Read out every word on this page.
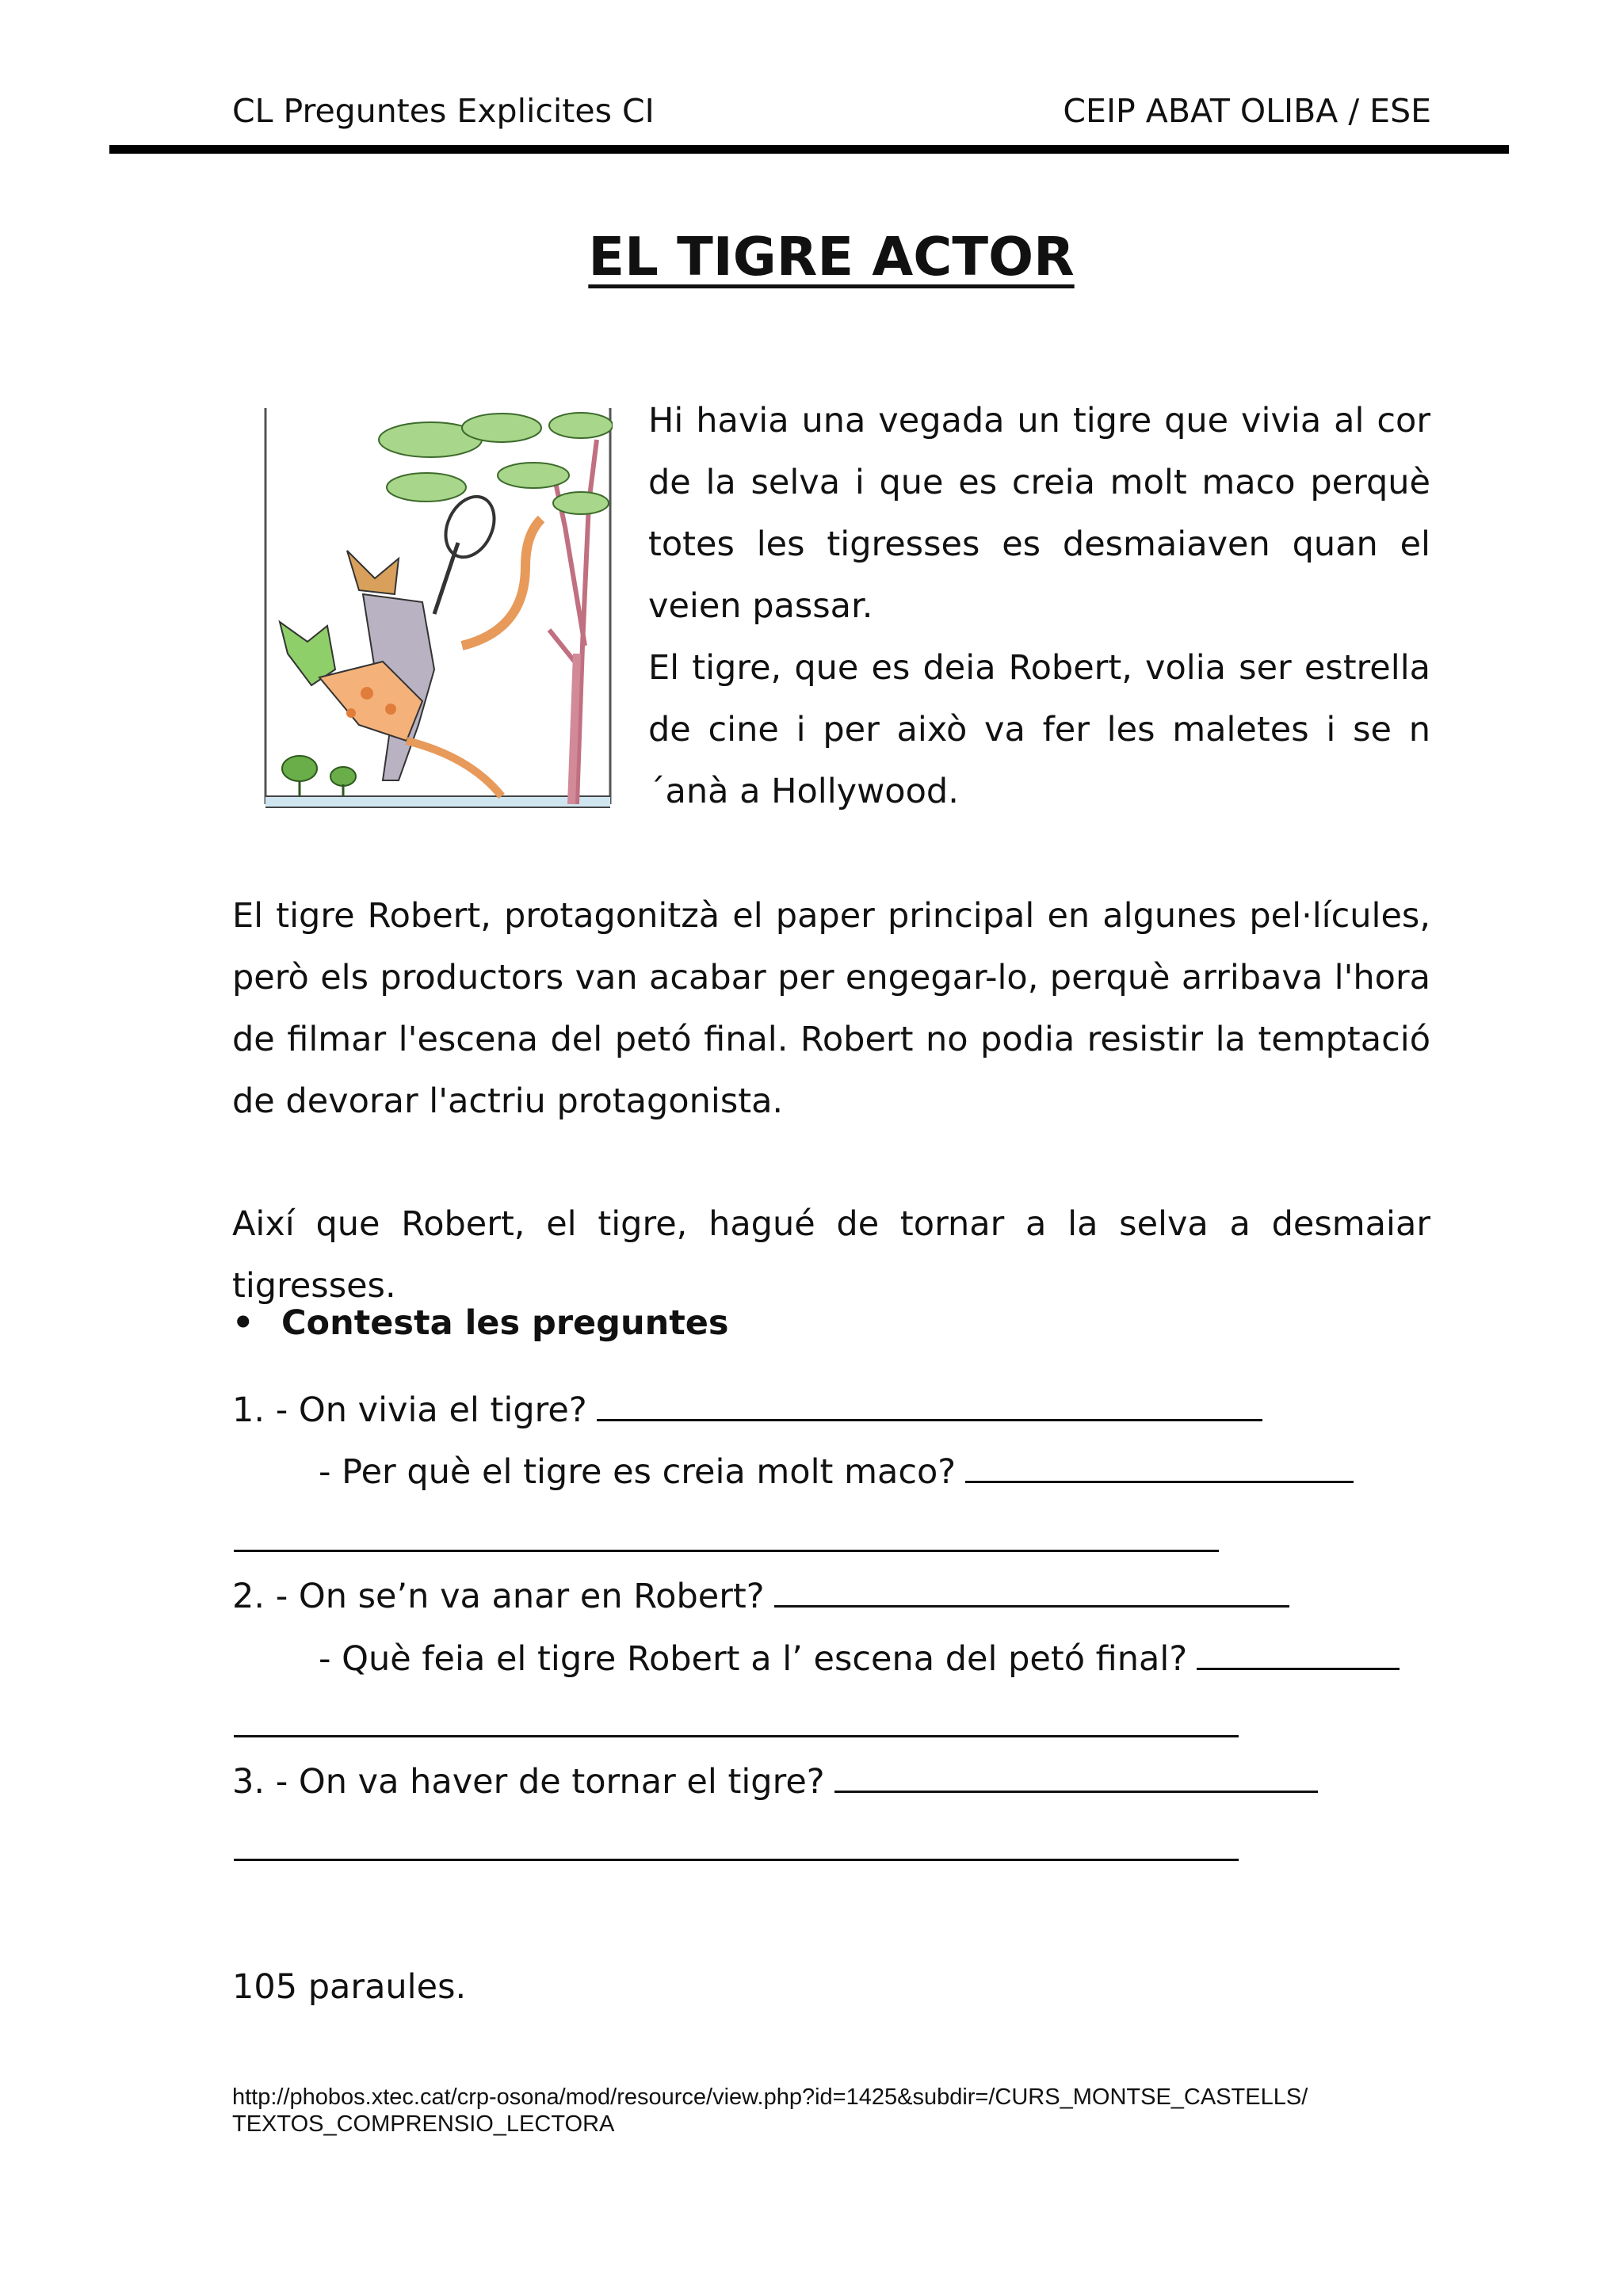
CL Preguntes Explicites CI	CEIP ABAT OLIBA / ESE
EL TIGRE ACTOR

Hi havia una vegada un tigre que vivia al cor de la selva i que es creia molt maco perquè totes les tigresses es desmaiaven quan el veien passar.

El tigre, que es deia Robert, volia ser estrella de cine i per això va fer les maletes i se n´anà a Hollywood.

El tigre Robert, protagonitzà el paper principal en algunes pel·lícules, però els productors van acabar per engegar-lo, perquè arribava l'hora de filmar l'escena del petó final. Robert no podia resistir la temptació de devorar l'actriu protagonista.

Així que Robert, el tigre, hagué de tornar a la selva a desmaiar tigresses.

• Contesta les preguntes
1. - On vivia el tigre?
- Per què el tigre es creia molt maco?
2. - On se’n va anar en Robert?
- Què feia el tigre Robert a l’ escena del petó final?
3. - On va haver de tornar el tigre?
105 paraules.
http://phobos.xtec.cat/crp-osona/mod/resource/view.php?id=1425&subdir=/CURS_MONTSE_CASTELLS/
TEXTOS_COMPRENSIO_LECTORA
